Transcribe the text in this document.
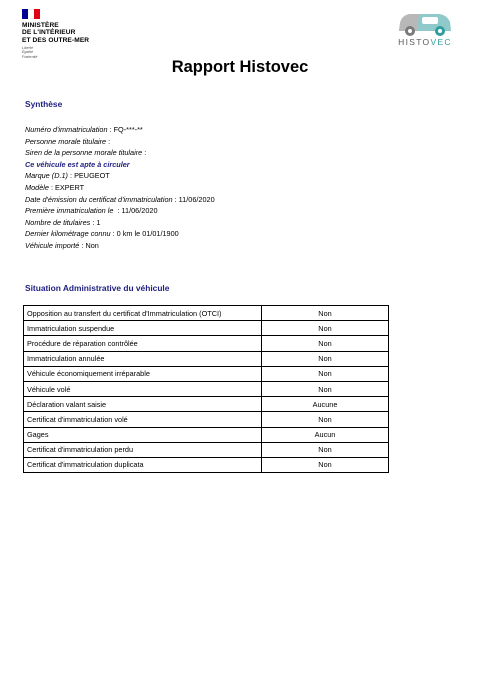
MINISTÈRE
DE L'INTÉRIEUR
ET DES OUTRE-MER
Liberté
Égalité
Fraternité
HISTOVEC
Rapport Histovec
Synthèse
Numéro d'immatriculation : FQ-***-**
Personne morale titulaire :
Siren de la personne morale titulaire :
Ce véhicule est apte à circuler
Marque (D.1) : PEUGEOT
Modèle : EXPERT
Date d'émission du certificat d'immatriculation : 11/06/2020
Première immatriculation le  : 11/06/2020
Nombre de titulaires : 1
Dernier kilométrage connu : 0 km le 01/01/1900
Véhicule importé : Non
Situation Administrative du véhicule
Opposition au transfert du certificat d'Immatriculation (OTCI)	Non
Immatriculation suspendue	Non
Procédure de réparation contrôlée	Non
Immatriculation annulée	Non
Véhicule économiquement irréparable	Non
Véhicule volé	Non
Déclaration valant saisie	Aucune
Certificat d'immatriculation volé	Non
Gages	Aucun
Certificat d'immatriculation perdu	Non
Certificat d'immatriculation duplicata	Non
